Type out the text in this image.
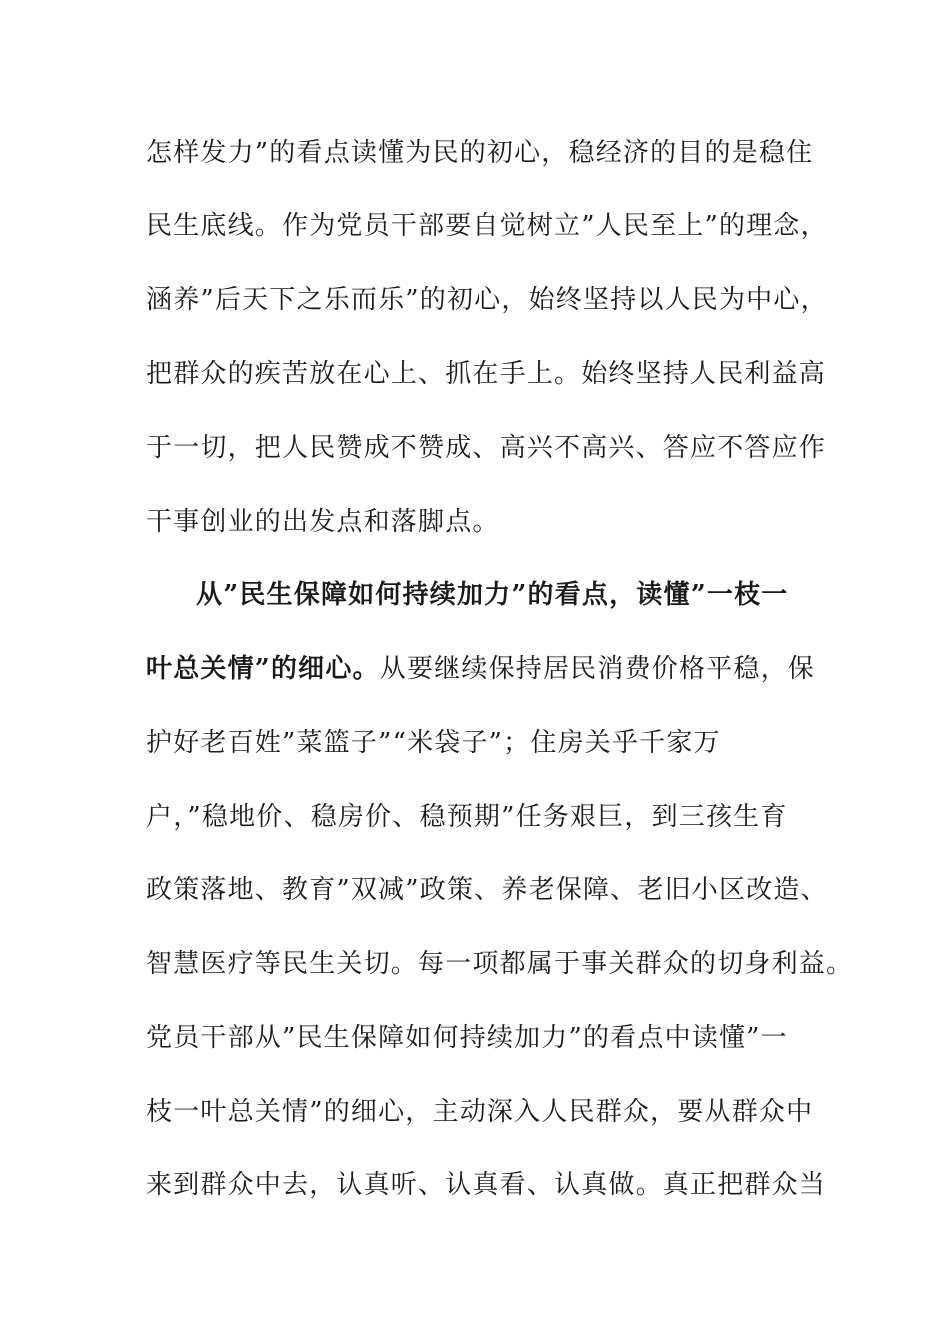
怎样发力”的看点读懂为民的初心，稳经济的目的是稳住
民生底线。作为党员干部要自觉树立”人民至上”的理念，
涵养”后天下之乐而乐”的初心，始终坚持以人民为中心，
把群众的疾苦放在心上、抓在手上。始终坚持人民利益高
于一切，把人民赞成不赞成、高兴不高兴、答应不答应作
干事创业的出发点和落脚点。
从”民生保障如何持续加力”的看点，读懂”一枝一
叶总关情”的细心。从要继续保持居民消费价格平稳，保
护好老百姓”菜篮子”“米袋子”；住房关乎千家万
户，”稳地价、稳房价、稳预期”任务艰巨，到三孩生育
政策落地、教育”双减”政策、养老保障、老旧小区改造、
智慧医疗等民生关切。每一项都属于事关群众的切身利益。
党员干部从”民生保障如何持续加力”的看点中读懂”一
枝一叶总关情”的细心，主动深入人民群众，要从群众中
来到群众中去，认真听、认真看、认真做。真正把群众当
